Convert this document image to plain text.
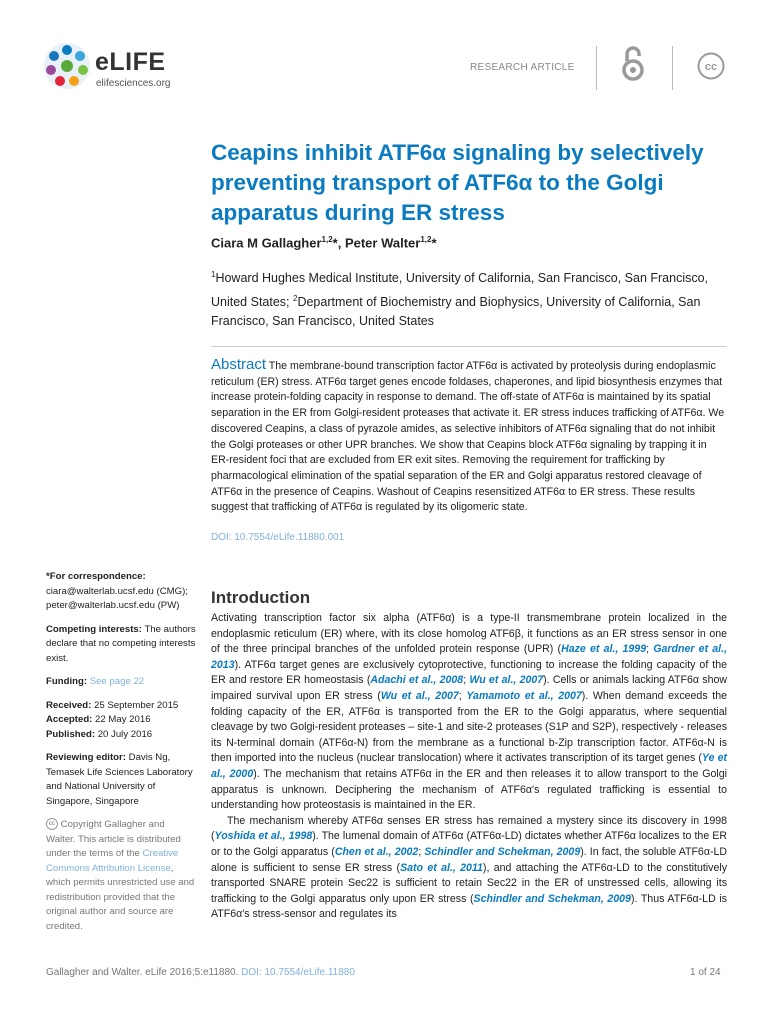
eLIFE
elifesciences.org
RESEARCH ARTICLE	cc
Ceapins inhibit ATF6α signaling by selectively preventing transport of ATF6α to the Golgi apparatus during ER stress
Ciara M Gallagher$^{1,2}$*, Peter Walter$^{1,2}$*
$^1$Howard Hughes Medical Institute, University of California, San Francisco, San Francisco, United States; $^2$Department of Biochemistry and Biophysics, University of California, San Francisco, San Francisco, United States
Abstract The membrane-bound transcription factor ATF6α is activated by proteolysis during endoplasmic reticulum (ER) stress. ATF6α target genes encode foldases, chaperones, and lipid biosynthesis enzymes that increase protein-folding capacity in response to demand. The off-state of ATF6α is maintained by its spatial separation in the ER from Golgi-resident proteases that activate it. ER stress induces trafficking of ATF6α. We discovered Ceapins, a class of pyrazole amides, as selective inhibitors of ATF6α signaling that do not inhibit the Golgi proteases or other UPR branches. We show that Ceapins block ATF6α signaling by trapping it in ER-resident foci that are excluded from ER exit sites. Removing the requirement for trafficking by pharmacological elimination of the spatial separation of the ER and Golgi apparatus restored cleavage of ATF6α in the presence of Ceapins. Washout of Ceapins resensitized ATF6α to ER stress. These results suggest that trafficking of ATF6α is regulated by its oligomeric state.
DOI: 10.7554/eLife.11880.001

*For correspondence: ciara@walterlab.ucsf.edu (CMG); peter@walterlab.ucsf.edu (PW)

Competing interests: The authors declare that no competing interests exist.

Funding: See page 22

Received: 25 September 2015
Accepted: 22 May 2016
Published: 20 July 2016

Reviewing editor: Davis Ng, Temasek Life Sciences Laboratory and National University of Singapore, Singapore

cc Copyright Gallagher and Walter. This article is distributed under the terms of the Creative Commons Attribution License, which permits unrestricted use and redistribution provided that the original author and source are credited.

Introduction

Activating transcription factor six alpha (ATF6α) is a type-II transmembrane protein localized in the endoplasmic reticulum (ER) where, with its close homolog ATF6β, it functions as an ER stress sensor in one of the three principal branches of the unfolded protein response (UPR) (Haze et al., 1999; Gardner et al., 2013). ATF6α target genes are exclusively cytoprotective, functioning to increase the folding capacity of the ER and restore ER homeostasis (Adachi et al., 2008; Wu et al., 2007). Cells or animals lacking ATF6α show impaired survival upon ER stress (Wu et al., 2007; Yamamoto et al., 2007). When demand exceeds the folding capacity of the ER, ATF6α is transported from the ER to the Golgi apparatus, where sequential cleavage by two Golgi-resident proteases – site-1 and site-2 proteases (S1P and S2P), respectively - releases its N-terminal domain (ATF6α-N) from the membrane as a functional b-Zip transcription factor. ATF6α-N is then imported into the nucleus (nuclear translocation) where it activates transcription of its target genes (Ye et al., 2000). The mechanism that retains ATF6α in the ER and then releases it to allow transport to the Golgi apparatus is unknown. Deciphering the mechanism of ATF6α's regulated trafficking is essential to understanding how proteostasis is maintained in the ER.

The mechanism whereby ATF6α senses ER stress has remained a mystery since its discovery in 1998 (Yoshida et al., 1998). The lumenal domain of ATF6α (ATF6α-LD) dictates whether ATF6α localizes to the ER or to the Golgi apparatus (Chen et al., 2002; Schindler and Schekman, 2009). In fact, the soluble ATF6α-LD alone is sufficient to sense ER stress (Sato et al., 2011), and attaching the ATF6α-LD to the constitutively transported SNARE protein Sec22 is sufficient to retain Sec22 in the ER of unstressed cells, allowing its trafficking to the Golgi apparatus only upon ER stress (Schindler and Schekman, 2009). Thus ATF6α-LD is ATF6α's stress-sensor and regulates its

Gallagher and Walter. eLife 2016;5:e11880. DOI: 10.7554/eLife.11880	1 of 24
